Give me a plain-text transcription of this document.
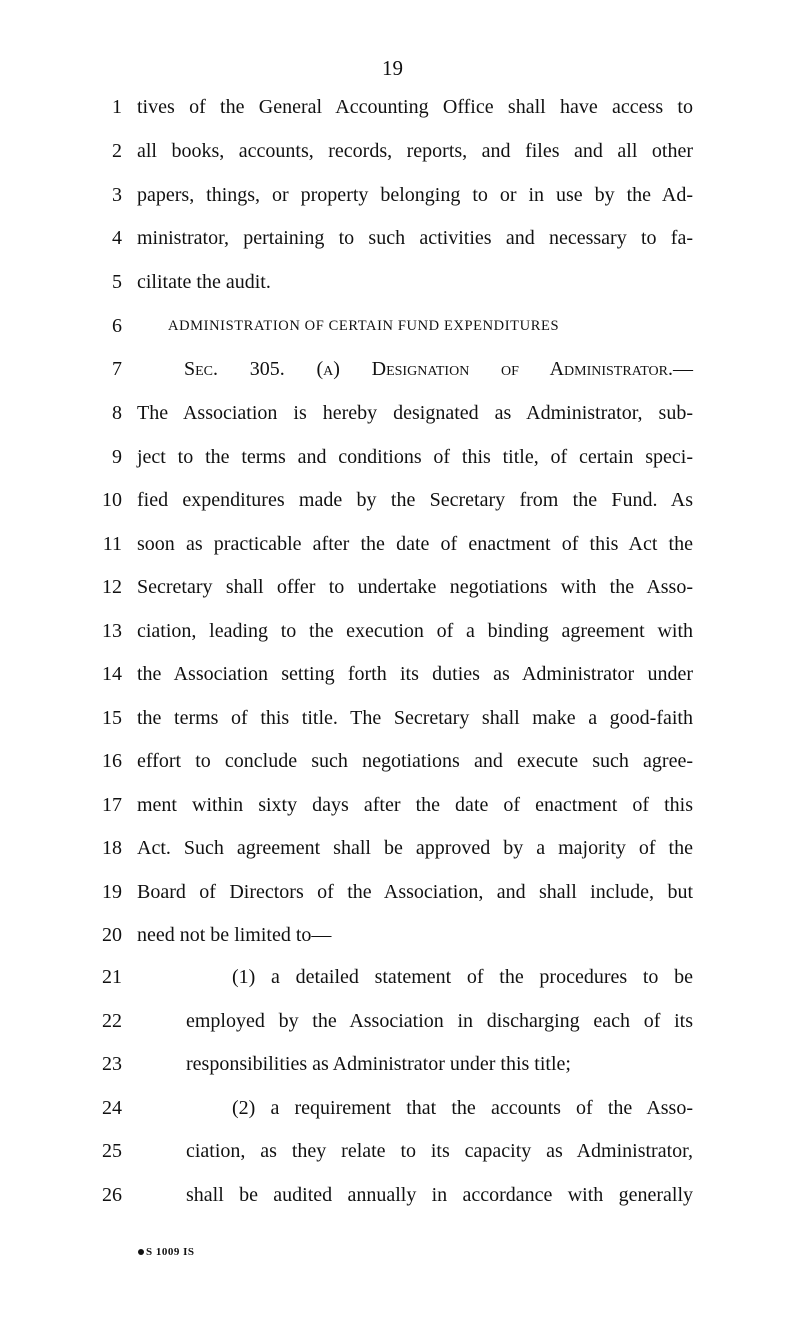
19
1 tives of the General Accounting Office shall have access to
2 all books, accounts, records, reports, and files and all other
3 papers, things, or property belonging to or in use by the Ad-
4 ministrator, pertaining to such activities and necessary to fa-
5 cilitate the audit.
6	ADMINISTRATION OF CERTAIN FUND EXPENDITURES
7	Sec. 305. (a) Designation of Administrator.—
8 The Association is hereby designated as Administrator, sub-
9 ject to the terms and conditions of this title, of certain speci-
10 fied expenditures made by the Secretary from the Fund. As
11 soon as practicable after the date of enactment of this Act the
12 Secretary shall offer to undertake negotiations with the Asso-
13 ciation, leading to the execution of a binding agreement with
14 the Association setting forth its duties as Administrator under
15 the terms of this title. The Secretary shall make a good-faith
16 effort to conclude such negotiations and execute such agree-
17 ment within sixty days after the date of enactment of this
18 Act. Such agreement shall be approved by a majority of the
19 Board of Directors of the Association, and shall include, but
20 need not be limited to—
21	(1) a detailed statement of the procedures to be
22	employed by the Association in discharging each of its
23	responsibilities as Administrator under this title;
24	(2) a requirement that the accounts of the Asso-
25	ciation, as they relate to its capacity as Administrator,
26	shall be audited annually in accordance with generally
S 1009 IS
